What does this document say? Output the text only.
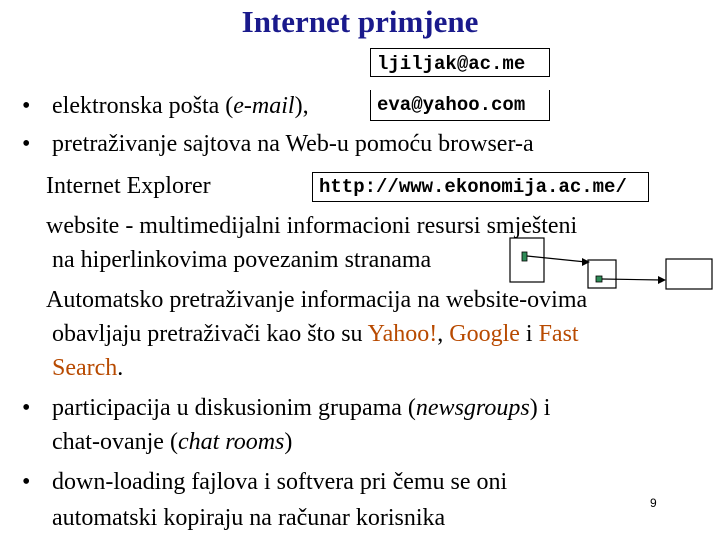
Internet primjene
ljiljak@ac.me
eva@yahoo.com
http://www.ekonomija.ac.me/
• elektronska pošta (e-mail),
• pretraživanje sajtova na Web-u pomoću browser-a
Internet Explorer
website - multimedijalni informacioni resursi smješteni
na hiperlinkovima povezanim stranama
Automatsko pretraživanje informacija na website-ovima
obavljaju pretraživači kao što su Yahoo!, Google i Fast
Search.
• participacija u diskusionim grupama (newsgroups) i
chat-ovanje (chat rooms)
• down-loading fajlova i softvera pri čemu se oni
automatski kopiraju na računar korisnika
9
